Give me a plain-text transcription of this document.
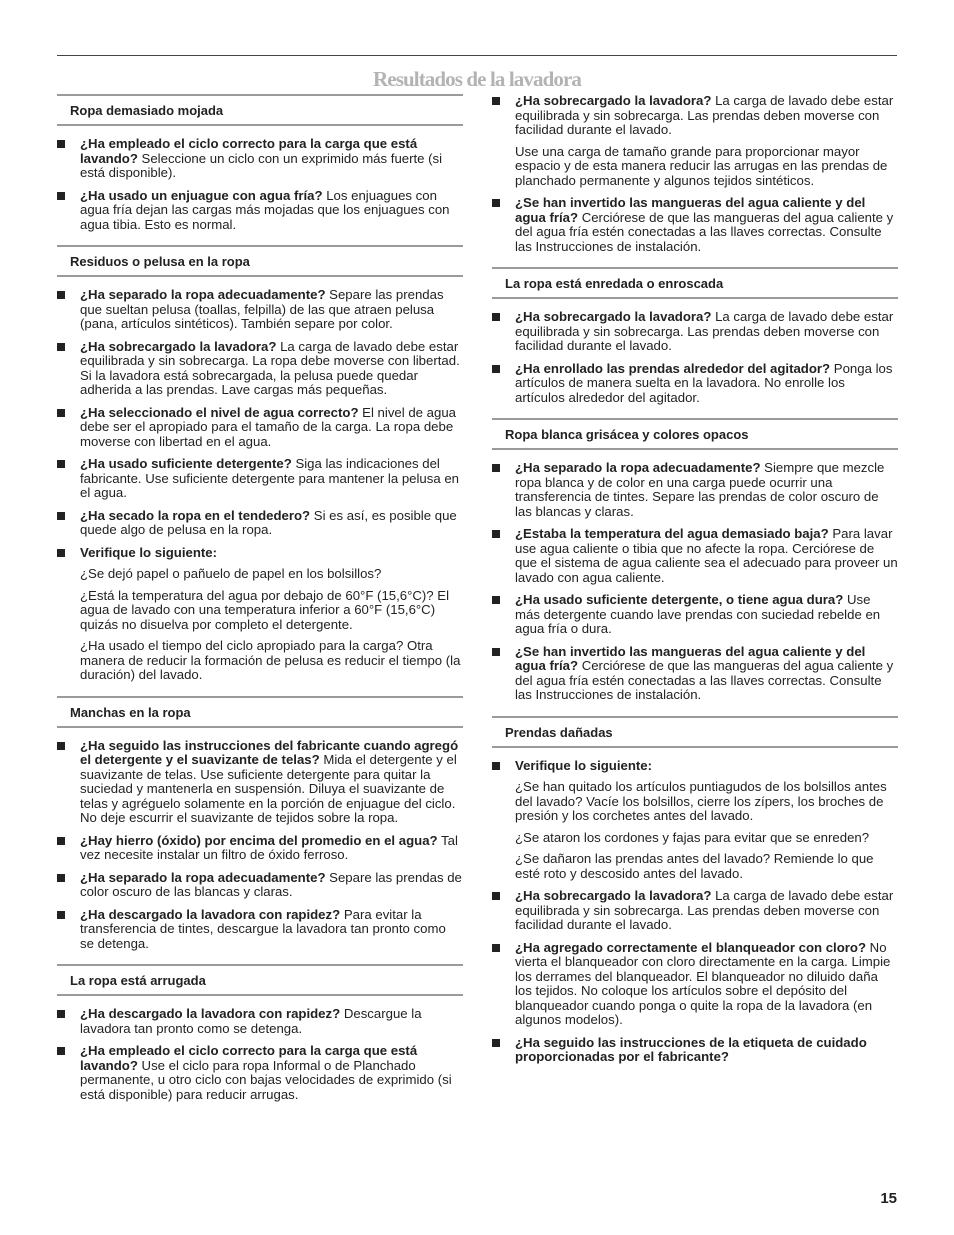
Resultados de la lavadora
Ropa demasiado mojada
¿Ha empleado el ciclo correcto para la carga que está lavando? Seleccione un ciclo con un exprimido más fuerte (si está disponible).
¿Ha usado un enjuague con agua fría? Los enjuagues con agua fría dejan las cargas más mojadas que los enjuagues con agua tibia. Esto es normal.
Residuos o pelusa en la ropa
¿Ha separado la ropa adecuadamente? Separe las prendas que sueltan pelusa (toallas, felpilla) de las que atraen pelusa (pana, artículos sintéticos). También separe por color.
¿Ha sobrecargado la lavadora? La carga de lavado debe estar equilibrada y sin sobrecarga. La ropa debe moverse con libertad. Si la lavadora está sobrecargada, la pelusa puede quedar adherida a las prendas. Lave cargas más pequeñas.
¿Ha seleccionado el nivel de agua correcto? El nivel de agua debe ser el apropiado para el tamaño de la carga. La ropa debe moverse con libertad en el agua.
¿Ha usado suficiente detergente? Siga las indicaciones del fabricante. Use suficiente detergente para mantener la pelusa en el agua.
¿Ha secado la ropa en el tendedero? Si es así, es posible que quede algo de pelusa en la ropa.
Verifique lo siguiente:

¿Se dejó papel o pañuelo de papel en los bolsillos?

¿Está la temperatura del agua por debajo de 60°F (15,6°C)? El agua de lavado con una temperatura inferior a 60°F (15,6°C) quizás no disuelva por completo el detergente.

¿Ha usado el tiempo del ciclo apropiado para la carga? Otra manera de reducir la formación de pelusa es reducir el tiempo (la duración) del lavado.

Manchas en la ropa
¿Ha seguido las instrucciones del fabricante cuando agregó el detergente y el suavizante de telas? Mida el detergente y el suavizante de telas. Use suficiente detergente para quitar la suciedad y mantenerla en suspensión. Diluya el suavizante de telas y agréguelo solamente en la porción de enjuague del ciclo. No deje escurrir el suavizante de tejidos sobre la ropa.
¿Hay hierro (óxido) por encima del promedio en el agua? Tal vez necesite instalar un filtro de óxido ferroso.
¿Ha separado la ropa adecuadamente? Separe las prendas de color oscuro de las blancas y claras.
¿Ha descargado la lavadora con rapidez? Para evitar la transferencia de tintes, descargue la lavadora tan pronto como se detenga.
La ropa está arrugada
¿Ha descargado la lavadora con rapidez? Descargue la lavadora tan pronto como se detenga.
¿Ha empleado el ciclo correcto para la carga que está lavando? Use el ciclo para ropa Informal o de Planchado permanente, u otro ciclo con bajas velocidades de exprimido (si está disponible) para reducir arrugas.
¿Ha sobrecargado la lavadora? La carga de lavado debe estar equilibrada y sin sobrecarga. Las prendas deben moverse con facilidad durante el lavado.

Use una carga de tamaño grande para proporcionar mayor espacio y de esta manera reducir las arrugas en las prendas de planchado permanente y algunos tejidos sintéticos.

¿Se han invertido las mangueras del agua caliente y del agua fría? Cerciórese de que las mangueras del agua caliente y del agua fría estén conectadas a las llaves correctas. Consulte las Instrucciones de instalación.
La ropa está enredada o enroscada
¿Ha sobrecargado la lavadora? La carga de lavado debe estar equilibrada y sin sobrecarga. Las prendas deben moverse con facilidad durante el lavado.
¿Ha enrollado las prendas alrededor del agitador? Ponga los artículos de manera suelta en la lavadora. No enrolle los artículos alrededor del agitador.
Ropa blanca grisácea y colores opacos
¿Ha separado la ropa adecuadamente? Siempre que mezcle ropa blanca y de color en una carga puede ocurrir una transferencia de tintes. Separe las prendas de color oscuro de las blancas y claras.
¿Estaba la temperatura del agua demasiado baja? Para lavar use agua caliente o tibia que no afecte la ropa. Cerciórese de que el sistema de agua caliente sea el adecuado para proveer un lavado con agua caliente.
¿Ha usado suficiente detergente, o tiene agua dura? Use más detergente cuando lave prendas con suciedad rebelde en agua fría o dura.
¿Se han invertido las mangueras del agua caliente y del agua fría? Cerciórese de que las mangueras del agua caliente y del agua fría estén conectadas a las llaves correctas. Consulte las Instrucciones de instalación.
Prendas dañadas
Verifique lo siguiente:

¿Se han quitado los artículos puntiagudos de los bolsillos antes del lavado? Vacíe los bolsillos, cierre los zípers, los broches de presión y los corchetes antes del lavado.

¿Se ataron los cordones y fajas para evitar que se enreden?

¿Se dañaron las prendas antes del lavado? Remiende lo que esté roto y descosido antes del lavado.

¿Ha sobrecargado la lavadora? La carga de lavado debe estar equilibrada y sin sobrecarga. Las prendas deben moverse con facilidad durante el lavado.
¿Ha agregado correctamente el blanqueador con cloro? No vierta el blanqueador con cloro directamente en la carga. Limpie los derrames del blanqueador. El blanqueador no diluido daña los tejidos. No coloque los artículos sobre el depósito del blanqueador cuando ponga o quite la ropa de la lavadora (en algunos modelos).
¿Ha seguido las instrucciones de la etiqueta de cuidado proporcionadas por el fabricante?
15
